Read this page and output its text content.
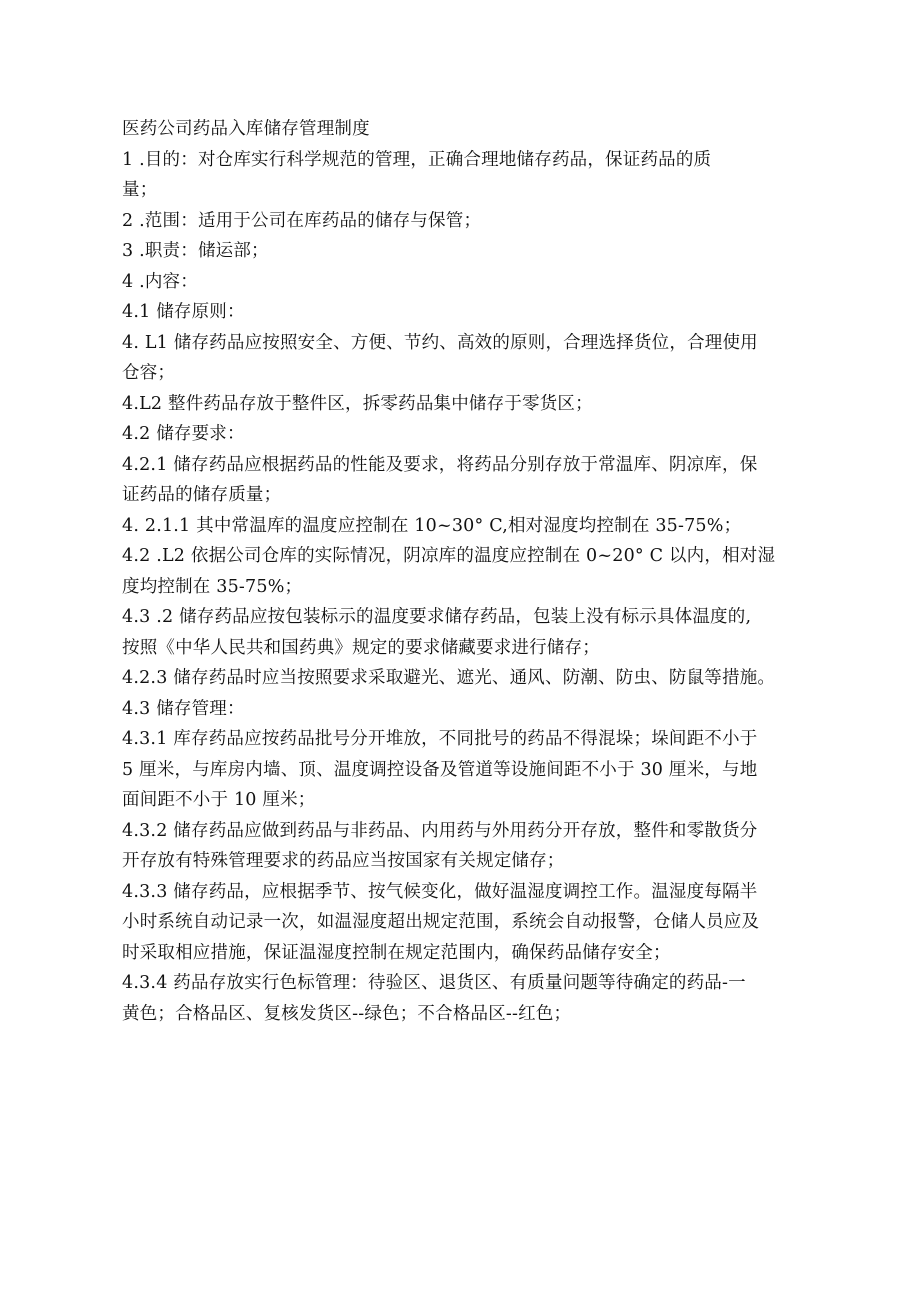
医药公司药品入库储存管理制度
1 .目的：对仓库实行科学规范的管理，正确合理地储存药品，保证药品的质
量；
2 .范围：适用于公司在库药品的储存与保管；
3 .职责：储运部；
4 .内容：
4.1 储存原则：
4. L1 储存药品应按照安全、方便、节约、高效的原则，合理选择货位，合理使用
仓容；
4.L2 整件药品存放于整件区，拆零药品集中储存于零货区；
4.2 储存要求：
4.2.1 储存药品应根据药品的性能及要求，将药品分别存放于常温库、阴凉库，保
证药品的储存质量；
4. 2.1.1 其中常温库的温度应控制在 10~30° C,相对湿度均控制在 35-75%；
4.2 .L2 依据公司仓库的实际情况，阴凉库的温度应控制在 0~20° C 以内，相对湿
度均控制在 35-75%；
4.3 .2 储存药品应按包装标示的温度要求储存药品，包装上没有标示具体温度的,
按照《中华人民共和国药典》规定的要求储藏要求进行储存；
4.2.3 储存药品时应当按照要求采取避光、遮光、通风、防潮、防虫、防鼠等措施。
4.3 储存管理：
4.3.1 库存药品应按药品批号分开堆放，不同批号的药品不得混垛；垛间距不小于
5 厘米，与库房内墙、顶、温度调控设备及管道等设施间距不小于 30 厘米，与地
面间距不小于 10 厘米；
4.3.2 储存药品应做到药品与非药品、内用药与外用药分开存放，整件和零散货分
开存放有特殊管理要求的药品应当按国家有关规定储存；
4.3.3 储存药品，应根据季节、按气候变化，做好温湿度调控工作。温湿度每隔半
小时系统自动记录一次，如温湿度超出规定范围，系统会自动报警，仓储人员应及
时采取相应措施，保证温湿度控制在规定范围内，确保药品储存安全；
4.3.4 药品存放实行色标管理：待验区、退货区、有质量问题等待确定的药品-一
黄色；合格品区、复核发货区--绿色；不合格品区--红色；
